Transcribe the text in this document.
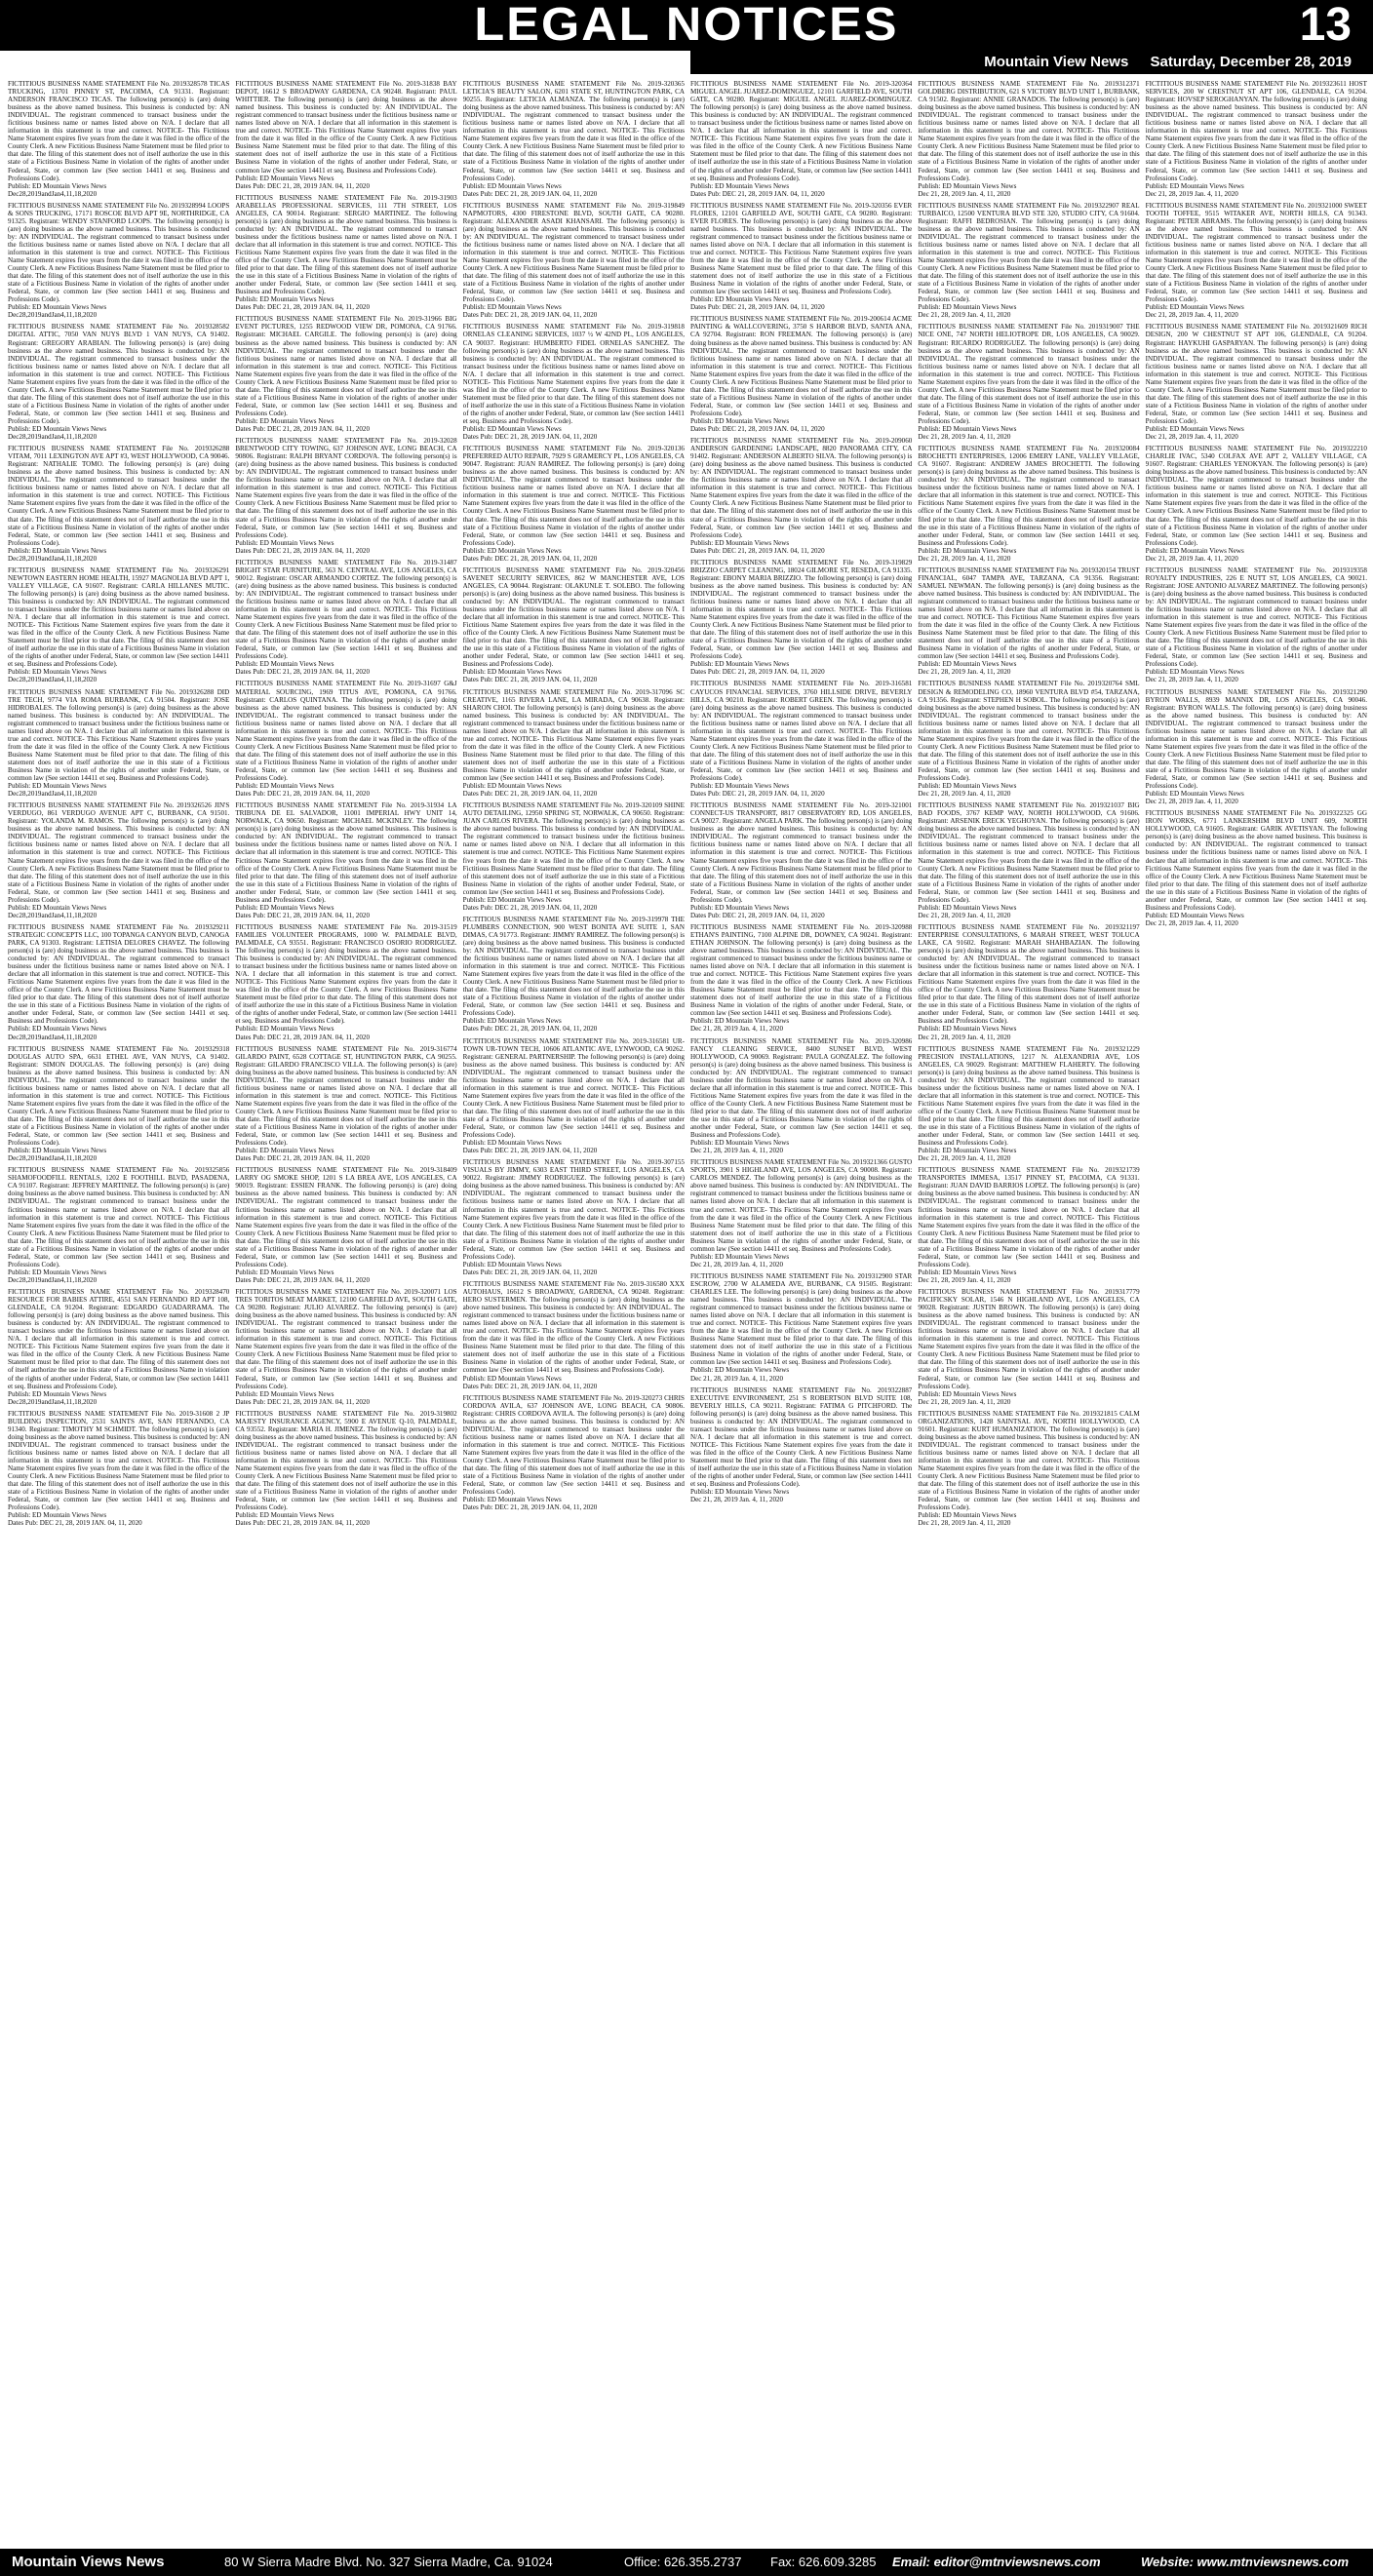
LEGAL NOTICES	13
Mountain View News Saturday, December 28, 2019

FICTITIOUS BUSINESS NAME STATEMENT File No. 2019328578 TICAS TRUCKING, 13701 PINNEY ST, PACOIMA, CA 91331. Registrant: ANDERSON FRANCISCO TICAS. The following person(s) is (are) doing business as the above named business. This business is conducted by: AN INDIVIDUAL. The registrant commenced to transact business under the fictitious business name or names listed above on N/A. I declare that all information in this statement is true and correct. NOTICE- This Fictitious Name Statement expires five years from the date it was filed in the office of the County Clerk. A new Fictitious Business Name Statement must be filed prior to that date. The filing of this statement does not of itself authorize the use in this state of a Fictitious Business Name in violation of the rights of another under Federal, State, or common law (See section 14411 et seq. Business and Professions Code).
Publish: ED Mountain Views News
Dec28,2019andJan4,11,18,2020

FICTITIOUS BUSINESS NAME STATEMENT File No. 2019328994 LOOPS & SONS TRUCKING, 17171 ROSCOE BLVD APT 9E, NORTHRIDGE, CA 91325. Registrant: WENDY STANFORD LOOPS. The following person(s) is (are) doing business as the above named business. This business is conducted by: AN INDIVIDUAL. The registrant commenced to transact business under the fictitious business name or names listed above on N/A. I declare that all information in this statement is true and correct. NOTICE- This Fictitious Name Statement expires five years from the date it was filed in the office of the County Clerk. A new Fictitious Business Name Statement must be filed prior to that date. The filing of this statement does not of itself authorize the use in this state of a Fictitious Business Name in violation of the rights of another under Federal, State, or common law (See section 14411 et seq. Business and Professions Code).
Publish: ED Mountain Views News
Dec28,2019andJan4,11,18,2020

FICTITIOUS BUSINESS NAME STATEMENT File No. 2019328582 DIGITAL ATTIC, 7050 VAN NUYS BLVD 1 VAN NUYS, CA 91402. Registrant: GREGORY ARABIAN. The following person(s) is (are) doing business as the above named business. This business is conducted by: AN INDIVIDUAL. The registrant commenced to transact business under the fictitious business name or names listed above on N/A. I declare that all information in this statement is true and correct. NOTICE- This Fictitious Name Statement expires five years from the date it was filed in the office of the County Clerk. A new Fictitious Business Name Statement must be filed prior to that date. The filing of this statement does not of itself authorize the use in this state of a Fictitious Business Name in violation of the rights of another under Federal, State, or common law (See section 14411 et seq. Business and Professions Code).
Publish: ED Mountain Views News
Dec28,2019andJan4,11,18,2020

FICTITIOUS BUSINESS NAME STATEMENT File No. 2019326288 VITAM, 7011 LEXINGTON AVE APT #3, WEST HOLLYWOOD, CA 90046. Registrant: NATHALIE TOMO. The following person(s) is (are) doing business as the above named business. This business is conducted by: AN INDIVIDUAL. The registrant commenced to transact business under the fictitious business name or names listed above on N/A. I declare that all information in this statement is true and correct. NOTICE- This Fictitious Name Statement expires five years from the date it was filed in the office of the County Clerk. A new Fictitious Business Name Statement must be filed prior to that date. The filing of this statement does not of itself authorize the use in this state of a Fictitious Business Name in violation of the rights of another under Federal, State, or common law (See section 14411 et seq. Business and Professions Code).
Publish: ED Mountain Views News
Dec28,2019andJan4,11,18,2020

FICTITIOUS BUSINESS NAME STATEMENT File No. 2019326291 NEWTOWN EASTERN HOME HEALTH, 15927 MAGNOLIA BLVD APT 1, VALLEY VILLAGE, CA 91607. Registrant: CARLA HILLANES MUTIC. The following person(s) is (are) doing business as the above named business. This business is conducted by: AN INDIVIDUAL. The registrant commenced to transact business under the fictitious business name or names listed above on N/A. I declare that all information in this statement is true and correct. NOTICE- This Fictitious Name Statement expires five years from the date it was filed in the office of the County Clerk. A new Fictitious Business Name Statement must be filed prior to that date. The filing of this statement does not of itself authorize the use in this state of a Fictitious Business Name in violation of the rights of another under Federal, State, or common law (See section 14411 et seq. Business and Professions Code).
Publish: ED Mountain Views News
Dec28,2019andJan4,11,18,2020

FICTITIOUS BUSINESS NAME STATEMENT File No. 2019326288 DID TRE TECH, 9774 VIA ROMA BURBANK, CA 91504. Registrant: JOSE HIDROBALES. The following person(s) is (are) doing business as the above named business. This business is conducted by: AN INDIVIDUAL. The registrant commenced to transact business under the fictitious business name or names listed above on N/A. I declare that all information in this statement is true and correct. NOTICE- This Fictitious Name Statement expires five years from the date it was filed in the office of the County Clerk. A new Fictitious Business Name Statement must be filed prior to that date. The filing of this statement does not of itself authorize the use in this state of a Fictitious Business Name in violation of the rights of another under Federal, State, or common law (See section 14411 et seq. Business and Professions Code).
Publish: ED Mountain Views News
Dec28,2019andJan4,11,18,2020

FICTITIOUS BUSINESS NAME STATEMENT File No. 2019326526 JIN'S VERDUGO, 861 VERDUGO AVENUE APT C, BURBANK, CA 91501. Registrant: YOLANDA M. RAMOS. The following person(s) is (are) doing business as the above named business. This business is conducted by: AN INDIVIDUAL. The registrant commenced to transact business under the fictitious business name or names listed above on N/A. I declare that all information in this statement is true and correct. NOTICE- This Fictitious Name Statement expires five years from the date it was filed in the office of the County Clerk. A new Fictitious Business Name Statement must be filed prior to that date. The filing of this statement does not of itself authorize the use in this state of a Fictitious Business Name in violation of the rights of another under Federal, State, or common law (See section 14411 et seq. Business and Professions Code).
Publish: ED Mountain Views News
Dec28,2019andJan4,11,18,2020

FICTITIOUS BUSINESS NAME STATEMENT File No. 2019329211 STRATEGIC CONCEPTS LLC, 100 TOPANGA CANYON BLVD, CANOGA PARK, CA 91303. Registrant: LETISIA DELORES CHAVEZ. The following person(s) is (are) doing business as the above named business. This business is conducted by: AN INDIVIDUAL. The registrant commenced to transact business under the fictitious business name or names listed above on N/A. I declare that all information in this statement is true and correct. NOTICE- This Fictitious Name Statement expires five years from the date it was filed in the office of the County Clerk. A new Fictitious Business Name Statement must be filed prior to that date. The filing of this statement does not of itself authorize the use in this state of a Fictitious Business Name in violation of the rights of another under Federal, State, or common law (See section 14411 et seq. Business and Professions Code).
Publish: ED Mountain Views News
Dec28,2019andJan4,11,18,2020

FICTITIOUS BUSINESS NAME STATEMENT File No. 2019329318 DOUGLAS AUTO SPA, 6631 ETHEL AVE, VAN NUYS, CA 91402. Registrant: SIMON DOUGLAS. The following person(s) is (are) doing business as the above named business. This business is conducted by: AN INDIVIDUAL. The registrant commenced to transact business under the fictitious business name or names listed above on N/A. I declare that all information in this statement is true and correct. NOTICE- This Fictitious Name Statement expires five years from the date it was filed in the office of the County Clerk. A new Fictitious Business Name Statement must be filed prior to that date. The filing of this statement does not of itself authorize the use in this state of a Fictitious Business Name in violation of the rights of another under Federal, State, or common law (See section 14411 et seq. Business and Professions Code).
Publish: ED Mountain Views News
Dec28,2019andJan4,11,18,2020

FICTITIOUS BUSINESS NAME STATEMENT File No. 2019325856 SHAMOFOODFILL RENTALS, 1202 E FOOTHILL BLVD, PASADENA, CA 91107. Registrant: JEFFREY MARTINEZ. The following person(s) is (are) doing business as the above named business. This business is conducted by: AN INDIVIDUAL. The registrant commenced to transact business under the fictitious business name or names listed above on N/A. I declare that all information in this statement is true and correct. NOTICE- This Fictitious Name Statement expires five years from the date it was filed in the office of the County Clerk. A new Fictitious Business Name Statement must be filed prior to that date. The filing of this statement does not of itself authorize the use in this state of a Fictitious Business Name in violation of the rights of another under Federal, State, or common law (See section 14411 et seq. Business and Professions Code).
Publish: ED Mountain Views News
Dec28,2019andJan4,11,18,2020

FICTITIOUS BUSINESS NAME STATEMENT File No. 2019328470 RESOURCE FOR BABIES ATTIRE, 4551 SAN FERNANDO RD APT 108, GLENDALE, CA 91204. Registrant: EDGARDO GUADARRAMA. The following person(s) is (are) doing business as the above named business. This business is conducted by: AN INDIVIDUAL. The registrant commenced to transact business under the fictitious business name or names listed above on N/A. I declare that all information in this statement is true and correct. NOTICE- This Fictitious Name Statement expires five years from the date it was filed in the office of the County Clerk. A new Fictitious Business Name Statement must be filed prior to that date. The filing of this statement does not of itself authorize the use in this state of a Fictitious Business Name in violation of the rights of another under Federal, State, or common law (See section 14411 et seq. Business and Professions Code).
Publish: ED Mountain Views News
Dec28,2019andJan4,11,18,2020

FICTITIOUS BUSINESS NAME STATEMENT File No. 2019-31608 2 JP BUILDING INSPECTION, 2531 SAINTS AVE, SAN FERNANDO, CA 91340. Registrant: TIMOTHY M SCHMIDT. The following person(s) is (are) doing business as the above named business. This business is conducted by: AN INDIVIDUAL. The registrant commenced to transact business under the fictitious business name or names listed above on N/A. I declare that all information in this statement is true and correct. NOTICE- This Fictitious Name Statement expires five years from the date it was filed in the office of the County Clerk. A new Fictitious Business Name Statement must be filed prior to that date. The filing of this statement does not of itself authorize the use in this state of a Fictitious Business Name in violation of the rights of another under Federal, State, or common law (See section 14411 et seq. Business and Professions Code).
Publish: ED Mountain Views News
Dates Pub: DEC 21, 28, 2019 JAN. 04, 11, 2020

FICTITIOUS BUSINESS NAME STATEMENT File No. 2019-31838 BAY DEPOT, 16612 S BROADWAY GARDENA, CA 90248. Registrant: PAUL WHITTIER. The following person(s) is (are) doing business as the above named business. This business is conducted by: AN INDIVIDUAL. The registrant commenced to transact business under the fictitious business name or names listed above on N/A. I declare that all information in this statement is true and correct. NOTICE- This Fictitious Name Statement expires five years from the date it was filed in the office of the County Clerk. A new Fictitious Business Name Statement must be filed prior to that date. The filing of this statement does not of itself authorize the use in this state of a Fictitious Business Name in violation of the rights of another under Federal, State, or common law (See section 14411 et seq. Business and Professions Code).
Publish: ED Mountain Views News
Dates Pub: DEC 21, 28, 2019 JAN. 04, 11, 2020

FICTITIOUS BUSINESS NAME STATEMENT File No. 2019-31903 ARABELLAS PROFESSIONAL SERVICES, 111 7TH STREET, LOS ANGELES, CA 90014. Registrant: SERGIO MARTINEZ. The following person(s) is (are) doing business as the above named business. This business is conducted by: AN INDIVIDUAL. The registrant commenced to transact business under the fictitious business name or names listed above on N/A. I declare that all information in this statement is true and correct. NOTICE- This Fictitious Name Statement expires five years from the date it was filed in the office of the County Clerk. A new Fictitious Business Name Statement must be filed prior to that date. The filing of this statement does not of itself authorize the use in this state of a Fictitious Business Name in violation of the rights of another under Federal, State, or common law (See section 14411 et seq. Business and Professions Code).
Publish: ED Mountain Views News
Dates Pub: DEC 21, 28, 2019 JAN. 04, 11, 2020

FICTITIOUS BUSINESS NAME STATEMENT File No. 2019-31966 BIG EVENT PICTURES, 1255 REDWOOD VIEW DR, POMONA, CA 91766. Registrant: MICHAEL CARGILE. The following person(s) is (are) doing business as the above named business. This business is conducted by: AN INDIVIDUAL. The registrant commenced to transact business under the fictitious business name or names listed above on N/A. I declare that all information in this statement is true and correct. NOTICE- This Fictitious Name Statement expires five years from the date it was filed in the office of the County Clerk. A new Fictitious Business Name Statement must be filed prior to that date. The filing of this statement does not of itself authorize the use in this state of a Fictitious Business Name in violation of the rights of another under Federal, State, or common law (See section 14411 et seq. Business and Professions Code).
Publish: ED Mountain Views News
Dates Pub: DEC 21, 28, 2019 JAN. 04, 11, 2020

FICTITIOUS BUSINESS NAME STATEMENT File No. 2019-32028 BRENTWOOD CITY TOWING, 637 JOHNSON AVE, LONG BEACH, CA 90806. Registrant: RALPH BRYANT CORDOVA. The following person(s) is (are) doing business as the above named business. This business is conducted by: AN INDIVIDUAL. The registrant commenced to transact business under the fictitious business name or names listed above on N/A. I declare that all information in this statement is true and correct. NOTICE- This Fictitious Name Statement expires five years from the date it was filed in the office of the County Clerk. A new Fictitious Business Name Statement must be filed prior to that date. The filing of this statement does not of itself authorize the use in this state of a Fictitious Business Name in violation of the rights of another under Federal, State, or common law (See section 14411 et seq. Business and Professions Code).
Publish: ED Mountain Views News
Dates Pub: DEC 21, 28, 2019 JAN. 04, 11, 2020

FICTITIOUS BUSINESS NAME STATEMENT File No. 2019-31487 BRIGHT STAR FURNITURE, 563 N. CENTRAL AVE, LOS ANGELES, CA 90012. Registrant: OSCAR ARMANDO CORTEZ. The following person(s) is (are) doing business as the above named business. This business is conducted by: AN INDIVIDUAL. The registrant commenced to transact business under the fictitious business name or names listed above on N/A. I declare that all information in this statement is true and correct. NOTICE- This Fictitious Name Statement expires five years from the date it was filed in the office of the County Clerk. A new Fictitious Business Name Statement must be filed prior to that date. The filing of this statement does not of itself authorize the use in this state of a Fictitious Business Name in violation of the rights of another under Federal, State, or common law (See section 14411 et seq. Business and Professions Code).
Publish: ED Mountain Views News
Dates Pub: DEC 21, 28, 2019 JAN. 04, 11, 2020

FICTITIOUS BUSINESS NAME STATEMENT File No. 2019-31697 G&J MATERIAL SOURCING, 1969 TITUS AVE, POMONA, CA 91766. Registrant: CARLOS QUINTANA. The following person(s) is (are) doing business as the above named business. This business is conducted by: AN INDIVIDUAL. The registrant commenced to transact business under the fictitious business name or names listed above on N/A. I declare that all information in this statement is true and correct. NOTICE- This Fictitious Name Statement expires five years from the date it was filed in the office of the County Clerk. A new Fictitious Business Name Statement must be filed prior to that date. The filing of this statement does not of itself authorize the use in this state of a Fictitious Business Name in violation of the rights of another under Federal, State, or common law (See section 14411 et seq. Business and Professions Code).
Publish: ED Mountain Views News
Dates Pub: DEC 21, 28, 2019 JAN. 04, 11, 2020

FICTITIOUS BUSINESS NAME STATEMENT File No. 2019-31934 LA TRIBUNA DE EL SALVADOR, 11001 IMPERIAL HWY UNIT 14, NORWALK, CA 90650. Registrant: MICHAEL MCKINLEY. The following person(s) is (are) doing business as the above named business. This business is conducted by: AN INDIVIDUAL. The registrant commenced to transact business under the fictitious business name or names listed above on N/A. I declare that all information in this statement is true and correct. NOTICE- This Fictitious Name Statement expires five years from the date it was filed in the office of the County Clerk. A new Fictitious Business Name Statement must be filed prior to that date. The filing of this statement does not of itself authorize the use in this state of a Fictitious Business Name in violation of the rights of another under Federal, State, or common law (See section 14411 et seq. Business and Professions Code).
Publish: ED Mountain Views News
Dates Pub: DEC 21, 28, 2019 JAN. 04, 11, 2020

FICTITIOUS BUSINESS NAME STATEMENT File No. 2019-31519 FAMILIES VOLUNTEER PROGRAMS, 1000 W. PALMDALE BLVD, PALMDALE, CA 93551. Registrant: FRANCISCO OSORIO RODRIGUEZ. The following person(s) is (are) doing business as the above named business. This business is conducted by: AN INDIVIDUAL. The registrant commenced to transact business under the fictitious business name or names listed above on N/A. I declare that all information in this statement is true and correct. NOTICE- This Fictitious Name Statement expires five years from the date it was filed in the office of the County Clerk. A new Fictitious Business Name Statement must be filed prior to that date. The filing of this statement does not of itself authorize the use in this state of a Fictitious Business Name in violation of the rights of another under Federal, State, or common law (See section 14411 et seq. Business and Professions Code).
Publish: ED Mountain Views News
Dates Pub: DEC 21, 28, 2019 JAN. 04, 11, 2020

FICTITIOUS BUSINESS NAME STATEMENT File No. 2019-316774 GILARDO PAINT, 6528 COTTAGE ST, HUNTINGTON PARK, CA 90255. Registrant: GILARDO FRANCISCO VILLA. The following person(s) is (are) doing business as the above named business. This business is conducted by: AN INDIVIDUAL. The registrant commenced to transact business under the fictitious business name or names listed above on N/A. I declare that all information in this statement is true and correct. NOTICE- This Fictitious Name Statement expires five years from the date it was filed in the office of the County Clerk. A new Fictitious Business Name Statement must be filed prior to that date. The filing of this statement does not of itself authorize the use in this state of a Fictitious Business Name in violation of the rights of another under Federal, State, or common law (See section 14411 et seq. Business and Professions Code).
Publish: ED Mountain Views News
Dates Pub: DEC 21, 28, 2019 JAN. 04, 11, 2020

FICTITIOUS BUSINESS NAME STATEMENT File No. 2019-318409 LARRY OG SMOKE SHOP, 1201 S LA BREA AVE, LOS ANGELES, CA 90019. Registrant: ESSIEN FRANK. The following person(s) is (are) doing business as the above named business. This business is conducted by: AN INDIVIDUAL. The registrant commenced to transact business under the fictitious business name or names listed above on N/A. I declare that all information in this statement is true and correct. NOTICE- This Fictitious Name Statement expires five years from the date it was filed in the office of the County Clerk. A new Fictitious Business Name Statement must be filed prior to that date. The filing of this statement does not of itself authorize the use in this state of a Fictitious Business Name in violation of the rights of another under Federal, State, or common law (See section 14411 et seq. Business and Professions Code).
Publish: ED Mountain Views News
Dates Pub: DEC 21, 28, 2019 JAN. 04, 11, 2020

FICTITIOUS BUSINESS NAME STATEMENT File No. 2019-320071 LOS TRES TORITOS MEAT MARKET, 12100 GARFIELD AVE, SOUTH GATE, CA 90280. Registrant: JULIO ALVAREZ. The following person(s) is (are) doing business as the above named business. This business is conducted by: AN INDIVIDUAL. The registrant commenced to transact business under the fictitious business name or names listed above on N/A. I declare that all information in this statement is true and correct. NOTICE- This Fictitious Name Statement expires five years from the date it was filed in the office of the County Clerk. A new Fictitious Business Name Statement must be filed prior to that date. The filing of this statement does not of itself authorize the use in this state of a Fictitious Business Name in violation of the rights of another under Federal, State, or common law (See section 14411 et seq. Business and Professions Code).
Publish: ED Mountain Views News
Dates Pub: DEC 21, 28, 2019 JAN. 04, 11, 2020

FICTITIOUS BUSINESS NAME STATEMENT File No. 2019-319802 MAJESTY INSURANCE AGENCY, 5900 E AVENUE Q-10, PALMDALE, CA 93552. Registrant: MARIA H. JIMENEZ. The following person(s) is (are) doing business as the above named business. This business is conducted by: AN INDIVIDUAL. The registrant commenced to transact business under the fictitious business name or names listed above on N/A. I declare that all information in this statement is true and correct. NOTICE- This Fictitious Name Statement expires five years from the date it was filed in the office of the County Clerk. A new Fictitious Business Name Statement must be filed prior to that date. The filing of this statement does not of itself authorize the use in this state of a Fictitious Business Name in violation of the rights of another under Federal, State, or common law (See section 14411 et seq. Business and Professions Code).
Publish: ED Mountain Views News
Dates Pub: DEC 21, 28, 2019 JAN. 04, 11, 2020

FICTITIOUS BUSINESS NAME STATEMENT File No. 2019-320365 LETICIA'S BEAUTY SALON, 6201 STATE ST, HUNTINGTON PARK, CA 90255. Registrant: LETICIA ALMANZA. The following person(s) is (are) doing business as the above named business. This business is conducted by: AN INDIVIDUAL. The registrant commenced to transact business under the fictitious business name or names listed above on N/A. I declare that all information in this statement is true and correct. NOTICE- This Fictitious Name Statement expires five years from the date it was filed in the office of the County Clerk. A new Fictitious Business Name Statement must be filed prior to that date. The filing of this statement does not of itself authorize the use in this state of a Fictitious Business Name in violation of the rights of another under Federal, State, or common law (See section 14411 et seq. Business and Professions Code).
Publish: ED Mountain Views News
Dates Pub: DEC 21, 28, 2019 JAN. 04, 11, 2020

FICTITIOUS BUSINESS NAME STATEMENT File No. 2019-319849 NAPMOTORS, 4300 FIRESTONE BLVD, SOUTH GATE, CA 90280. Registrant: ALEXANDER ASADI KHANSARI. The following person(s) is (are) doing business as the above named business. This business is conducted by: AN INDIVIDUAL. The registrant commenced to transact business under the fictitious business name or names listed above on N/A. I declare that all information in this statement is true and correct. NOTICE- This Fictitious Name Statement expires five years from the date it was filed in the office of the County Clerk. A new Fictitious Business Name Statement must be filed prior to that date. The filing of this statement does not of itself authorize the use in this state of a Fictitious Business Name in violation of the rights of another under Federal, State, or common law (See section 14411 et seq. Business and Professions Code).
Publish: ED Mountain Views News
Dates Pub: DEC 21, 28, 2019 JAN. 04, 11, 2020

FICTITIOUS BUSINESS NAME STATEMENT File No. 2019-319818 ORNELAS CLEANING SERVICES, 1037 ½ W 42ND PL, LOS ANGELES, CA 90037. Registrant: HUMBERTO FIDEL ORNELAS SANCHEZ. The following person(s) is (are) doing business as the above named business. This business is conducted by: AN INDIVIDUAL. The registrant commenced to transact business under the fictitious business name or names listed above on N/A. I declare that all information in this statement is true and correct. NOTICE- This Fictitious Name Statement expires five years from the date it was filed in the office of the County Clerk. A new Fictitious Business Name Statement must be filed prior to that date. The filing of this statement does not of itself authorize the use in this state of a Fictitious Business Name in violation of the rights of another under Federal, State, or common law (See section 14411 et seq. Business and Professions Code).
Publish: ED Mountain Views News
Dates Pub: DEC 21, 28, 2019 JAN. 04, 11, 2020

FICTITIOUS BUSINESS NAME STATEMENT File No. 2019-320136 PREFERRED AUTO REPAIR, 7929 S GRAMERCY PL, LOS ANGELES, CA 90047. Registrant: JUAN RAMIREZ. The following person(s) is (are) doing business as the above named business. This business is conducted by: AN INDIVIDUAL. The registrant commenced to transact business under the fictitious business name or names listed above on N/A. I declare that all information in this statement is true and correct. NOTICE- This Fictitious Name Statement expires five years from the date it was filed in the office of the County Clerk. A new Fictitious Business Name Statement must be filed prior to that date. The filing of this statement does not of itself authorize the use in this state of a Fictitious Business Name in violation of the rights of another under Federal, State, or common law (See section 14411 et seq. Business and Professions Code).
Publish: ED Mountain Views News
Dates Pub: DEC 21, 28, 2019 JAN. 04, 11, 2020

FICTITIOUS BUSINESS NAME STATEMENT File No. 2019-320456 SAVENET SECURITY SERVICES, 862 W MANCHESTER AVE, LOS ANGELES, CA 90044. Registrant: OLAKUNLE T. SOLEBO. The following person(s) is (are) doing business as the above named business. This business is conducted by: AN INDIVIDUAL. The registrant commenced to transact business under the fictitious business name or names listed above on N/A. I declare that all information in this statement is true and correct. NOTICE- This Fictitious Name Statement expires five years from the date it was filed in the office of the County Clerk. A new Fictitious Business Name Statement must be filed prior to that date. The filing of this statement does not of itself authorize the use in this state of a Fictitious Business Name in violation of the rights of another under Federal, State, or common law (See section 14411 et seq. Business and Professions Code).
Publish: ED Mountain Views News
Dates Pub: DEC 21, 28, 2019 JAN. 04, 11, 2020

FICTITIOUS BUSINESS NAME STATEMENT File No. 2019-317096 SC CREATIVE, 1165 RIVERA LANE, LA MIRADA, CA 90638. Registrant: SHARON CHOI. The following person(s) is (are) doing business as the above named business. This business is conducted by: AN INDIVIDUAL. The registrant commenced to transact business under the fictitious business name or names listed above on N/A. I declare that all information in this statement is true and correct. NOTICE- This Fictitious Name Statement expires five years from the date it was filed in the office of the County Clerk. A new Fictitious Business Name Statement must be filed prior to that date. The filing of this statement does not of itself authorize the use in this state of a Fictitious Business Name in violation of the rights of another under Federal, State, or common law (See section 14411 et seq. Business and Professions Code).
Publish: ED Mountain Views News
Dates Pub: DEC 21, 28, 2019 JAN. 04, 11, 2020

FICTITIOUS BUSINESS NAME STATEMENT File No. 2019-320109 SHINE AUTO DETAILING, 12950 SPRING ST, NORWALK, CA 90650. Registrant: JUAN CARLOS RIVERA. The following person(s) is (are) doing business as the above named business. This business is conducted by: AN INDIVIDUAL. The registrant commenced to transact business under the fictitious business name or names listed above on N/A. I declare that all information in this statement is true and correct. NOTICE- This Fictitious Name Statement expires five years from the date it was filed in the office of the County Clerk. A new Fictitious Business Name Statement must be filed prior to that date. The filing of this statement does not of itself authorize the use in this state of a Fictitious Business Name in violation of the rights of another under Federal, State, or common law (See section 14411 et seq. Business and Professions Code).
Publish: ED Mountain Views News
Dates Pub: DEC 21, 28, 2019 JAN. 04, 11, 2020

FICTITIOUS BUSINESS NAME STATEMENT File No. 2019-319978 THE PLUMBERS CONNECTION, 900 WEST BONITA AVE SUITE 1, SAN DIMAS, CA 91773. Registrant: JIMMY RAMIREZ. The following person(s) is (are) doing business as the above named business. This business is conducted by: AN INDIVIDUAL. The registrant commenced to transact business under the fictitious business name or names listed above on N/A. I declare that all information in this statement is true and correct. NOTICE- This Fictitious Name Statement expires five years from the date it was filed in the office of the County Clerk. A new Fictitious Business Name Statement must be filed prior to that date. The filing of this statement does not of itself authorize the use in this state of a Fictitious Business Name in violation of the rights of another under Federal, State, or common law (See section 14411 et seq. Business and Professions Code).
Publish: ED Mountain Views News
Dates Pub: DEC 21, 28, 2019 JAN. 04, 11, 2020

FICTITIOUS BUSINESS NAME STATEMENT File No. 2019-316581 UR-TOWN UR-TOWN TECH, 10606 ATLANTIC AVE, LYNWOOD, CA 90262. Registrant: GENERAL PARTNERSHIP. The following person(s) is (are) doing business as the above named business. This business is conducted by: AN INDIVIDUAL. The registrant commenced to transact business under the fictitious business name or names listed above on N/A. I declare that all information in this statement is true and correct. NOTICE- This Fictitious Name Statement expires five years from the date it was filed in the office of the County Clerk. A new Fictitious Business Name Statement must be filed prior to that date. The filing of this statement does not of itself authorize the use in this state of a Fictitious Business Name in violation of the rights of another under Federal, State, or common law (See section 14411 et seq. Business and Professions Code).
Publish: ED Mountain Views News
Dates Pub: DEC 21, 28, 2019 JAN. 04, 11, 2020

FICTITIOUS BUSINESS NAME STATEMENT File No. 2019-307155 VISUALS BY JIMMY, 6303 EAST THIRD STREET, LOS ANGELES, CA 90022. Registrant: JIMMY RODRIGUEZ. The following person(s) is (are) doing business as the above named business. This business is conducted by: AN INDIVIDUAL. The registrant commenced to transact business under the fictitious business name or names listed above on N/A. I declare that all information in this statement is true and correct. NOTICE- This Fictitious Name Statement expires five years from the date it was filed in the office of the County Clerk. A new Fictitious Business Name Statement must be filed prior to that date. The filing of this statement does not of itself authorize the use in this state of a Fictitious Business Name in violation of the rights of another under Federal, State, or common law (See section 14411 et seq. Business and Professions Code).
Publish: ED Mountain Views News
Dates Pub: DEC 21, 28, 2019 JAN. 04, 11, 2020

FICTITIOUS BUSINESS NAME STATEMENT File No. 2019-316580 XXX AUTOHAUS, 16612 S BROADWAY, GARDENA, CA 90248. Registrant: HERO SUSTERMEN. The following person(s) is (are) doing business as the above named business. This business is conducted by: AN INDIVIDUAL. The registrant commenced to transact business under the fictitious business name or names listed above on N/A. I declare that all information in this statement is true and correct. NOTICE- This Fictitious Name Statement expires five years from the date it was filed in the office of the County Clerk. A new Fictitious Business Name Statement must be filed prior to that date. The filing of this statement does not of itself authorize the use in this state of a Fictitious Business Name in violation of the rights of another under Federal, State, or common law (See section 14411 et seq. Business and Professions Code).
Publish: ED Mountain Views News
Dates Pub: DEC 21, 28, 2019 JAN. 04, 11, 2020

FICTITIOUS BUSINESS NAME STATEMENT File No. 2019-320273 CHRIS CORDOVA AVILA, 637 JOHNSON AVE, LONG BEACH, CA 90806. Registrant: CHRIS CORDOVA AVILA. The following person(s) is (are) doing business as the above named business. This business is conducted by: AN INDIVIDUAL. The registrant commenced to transact business under the fictitious business name or names listed above on N/A. I declare that all information in this statement is true and correct. NOTICE- This Fictitious Name Statement expires five years from the date it was filed in the office of the County Clerk. A new Fictitious Business Name Statement must be filed prior to that date. The filing of this statement does not of itself authorize the use in this state of a Fictitious Business Name in violation of the rights of another under Federal, State, or common law (See section 14411 et seq. Business and Professions Code).
Publish: ED Mountain Views News
Dates Pub: DEC 21, 28, 2019 JAN. 04, 11, 2020

FICTITIOUS BUSINESS NAME STATEMENT File No. 2019-320364 MIGUEL ANGEL JUAREZ-DOMINGUEZ, 12101 GARFIELD AVE, SOUTH GATE, CA 90280. Registrant: MIGUEL ANGEL JUAREZ-DOMINGUEZ. The following person(s) is (are) doing business as the above named business. This business is conducted by: AN INDIVIDUAL. The registrant commenced to transact business under the fictitious business name or names listed above on N/A. I declare that all information in this statement is true and correct. NOTICE- This Fictitious Name Statement expires five years from the date it was filed in the office of the County Clerk. A new Fictitious Business Name Statement must be filed prior to that date. The filing of this statement does not of itself authorize the use in this state of a Fictitious Business Name in violation of the rights of another under Federal, State, or common law (See section 14411 et seq. Business and Professions Code).
Publish: ED Mountain Views News
Dates Pub: DEC 21, 28, 2019 JAN. 04, 11, 2020

FICTITIOUS BUSINESS NAME STATEMENT File No. 2019-320356 EVER FLORES, 12101 GARFIELD AVE, SOUTH GATE, CA 90280. Registrant: EVER FLORES. The following person(s) is (are) doing business as the above named business. This business is conducted by: AN INDIVIDUAL. The registrant commenced to transact business under the fictitious business name or names listed above on N/A. I declare that all information in this statement is true and correct. NOTICE- This Fictitious Name Statement expires five years from the date it was filed in the office of the County Clerk. A new Fictitious Business Name Statement must be filed prior to that date. The filing of this statement does not of itself authorize the use in this state of a Fictitious Business Name in violation of the rights of another under Federal, State, or common law (See section 14411 et seq. Business and Professions Code).
Publish: ED Mountain Views News
Dates Pub: DEC 21, 28, 2019 JAN. 04, 11, 2020

FICTITIOUS BUSINESS NAME STATEMENT File No. 2019-200614 ACME PAINTING & WALLCOVERING, 3750 S HARBOR BLVD, SANTA ANA, CA 92704. Registrant: RON FREEMAN. The following person(s) is (are) doing business as the above named business. This business is conducted by: AN INDIVIDUAL. The registrant commenced to transact business under the fictitious business name or names listed above on N/A. I declare that all information in this statement is true and correct. NOTICE- This Fictitious Name Statement expires five years from the date it was filed in the office of the County Clerk. A new Fictitious Business Name Statement must be filed prior to that date. The filing of this statement does not of itself authorize the use in this state of a Fictitious Business Name in violation of the rights of another under Federal, State, or common law (See section 14411 et seq. Business and Professions Code).
Publish: ED Mountain Views News
Dates Pub: DEC 21, 28, 2019 JAN. 04, 11, 2020

FICTITIOUS BUSINESS NAME STATEMENT File No. 2019-209060 ANDERSON GARDENING LANDSCAPE, 8820 PANORAMA CITY, CA 91402. Registrant: ANDERSON ALBERTO SILVA. The following person(s) is (are) doing business as the above named business. This business is conducted by: AN INDIVIDUAL. The registrant commenced to transact business under the fictitious business name or names listed above on N/A. I declare that all information in this statement is true and correct. NOTICE- This Fictitious Name Statement expires five years from the date it was filed in the office of the County Clerk. A new Fictitious Business Name Statement must be filed prior to that date. The filing of this statement does not of itself authorize the use in this state of a Fictitious Business Name in violation of the rights of another under Federal, State, or common law (See section 14411 et seq. Business and Professions Code).
Publish: ED Mountain Views News
Dates Pub: DEC 21, 28, 2019 JAN. 04, 11, 2020

FICTITIOUS BUSINESS NAME STATEMENT File No. 2019-319829 BRIZZIO CARPET CLEANING, 18024 GILMORE ST, RESEDA, CA 91335. Registrant: EBONY MARIA BRIZZIO. The following person(s) is (are) doing business as the above named business. This business is conducted by: AN INDIVIDUAL. The registrant commenced to transact business under the fictitious business name or names listed above on N/A. I declare that all information in this statement is true and correct. NOTICE- This Fictitious Name Statement expires five years from the date it was filed in the office of the County Clerk. A new Fictitious Business Name Statement must be filed prior to that date. The filing of this statement does not of itself authorize the use in this state of a Fictitious Business Name in violation of the rights of another under Federal, State, or common law (See section 14411 et seq. Business and Professions Code).
Publish: ED Mountain Views News
Dates Pub: DEC 21, 28, 2019 JAN. 04, 11, 2020

FICTITIOUS BUSINESS NAME STATEMENT File No. 2019-316581 CAYUCOS FINANCIAL SERVICES, 3760 HILLSIDE DRIVE, BEVERLY HILLS, CA 90210. Registrant: ROBERT GREEN. The following person(s) is (are) doing business as the above named business. This business is conducted by: AN INDIVIDUAL. The registrant commenced to transact business under the fictitious business name or names listed above on N/A. I declare that all information in this statement is true and correct. NOTICE- This Fictitious Name Statement expires five years from the date it was filed in the office of the County Clerk. A new Fictitious Business Name Statement must be filed prior to that date. The filing of this statement does not of itself authorize the use in this state of a Fictitious Business Name in violation of the rights of another under Federal, State, or common law (See section 14411 et seq. Business and Professions Code).
Publish: ED Mountain Views News
Dates Pub: DEC 21, 28, 2019 JAN. 04, 11, 2020

FICTITIOUS BUSINESS NAME STATEMENT File No. 2019-321001 CONNECT-US TRANSPORT, 8817 OBSERVATORY RD, LOS ANGELES, CA 90027. Registrant: ANGELA PARK. The following person(s) is (are) doing business as the above named business. This business is conducted by: AN INDIVIDUAL. The registrant commenced to transact business under the fictitious business name or names listed above on N/A. I declare that all information in this statement is true and correct. NOTICE- This Fictitious Name Statement expires five years from the date it was filed in the office of the County Clerk. A new Fictitious Business Name Statement must be filed prior to that date. The filing of this statement does not of itself authorize the use in this state of a Fictitious Business Name in violation of the rights of another under Federal, State, or common law (See section 14411 et seq. Business and Professions Code).
Publish: ED Mountain Views News
Dates Pub: DEC 21, 28, 2019 JAN. 04, 11, 2020

FICTITIOUS BUSINESS NAME STATEMENT File No. 2019-320988 ETHAN'S PAINTING, 7100 ALPINE DR, DOWNEY, CA 90241. Registrant: ETHAN JOHNSON. The following person(s) is (are) doing business as the above named business. This business is conducted by: AN INDIVIDUAL. The registrant commenced to transact business under the fictitious business name or names listed above on N/A. I declare that all information in this statement is true and correct. NOTICE- This Fictitious Name Statement expires five years from the date it was filed in the office of the County Clerk. A new Fictitious Business Name Statement must be filed prior to that date. The filing of this statement does not of itself authorize the use in this state of a Fictitious Business Name in violation of the rights of another under Federal, State, or common law (See section 14411 et seq. Business and Professions Code).
Publish: ED Mountain Views News
Dec 21, 28, 2019 Jan. 4, 11, 2020

FICTITIOUS BUSINESS NAME STATEMENT File No. 2019-320986 FANCY CLEANING SERVICE, 8400 SUNSET BLVD, WEST HOLLYWOOD, CA 90069. Registrant: PAULA GONZALEZ. The following person(s) is (are) doing business as the above named business. This business is conducted by: AN INDIVIDUAL. The registrant commenced to transact business under the fictitious business name or names listed above on N/A. I declare that all information in this statement is true and correct. NOTICE- This Fictitious Name Statement expires five years from the date it was filed in the office of the County Clerk. A new Fictitious Business Name Statement must be filed prior to that date. The filing of this statement does not of itself authorize the use in this state of a Fictitious Business Name in violation of the rights of another under Federal, State, or common law (See section 14411 et seq. Business and Professions Code).
Publish: ED Mountain Views News
Dec 21, 28, 2019 Jan. 4, 11, 2020

FICTITIOUS BUSINESS NAME STATEMENT File No. 2019321366 GUSTO SPORTS, 3901 S HIGHLAND AVE, LOS ANGELES, CA 90008. Registrant: CARLOS MENDEZ. The following person(s) is (are) doing business as the above named business. This business is conducted by: AN INDIVIDUAL. The registrant commenced to transact business under the fictitious business name or names listed above on N/A. I declare that all information in this statement is true and correct. NOTICE- This Fictitious Name Statement expires five years from the date it was filed in the office of the County Clerk. A new Fictitious Business Name Statement must be filed prior to that date. The filing of this statement does not of itself authorize the use in this state of a Fictitious Business Name in violation of the rights of another under Federal, State, or common law (See section 14411 et seq. Business and Professions Code).
Publish: ED Mountain Views News
Dec 21, 28, 2019 Jan. 4, 11, 2020

FICTITIOUS BUSINESS NAME STATEMENT File No. 2019312900 STAR ESCROW, 2700 W ALAMEDA AVE, BURBANK, CA 91505. Registrant: CHARLES LEE. The following person(s) is (are) doing business as the above named business. This business is conducted by: AN INDIVIDUAL. The registrant commenced to transact business under the fictitious business name or names listed above on N/A. I declare that all information in this statement is true and correct. NOTICE- This Fictitious Name Statement expires five years from the date it was filed in the office of the County Clerk. A new Fictitious Business Name Statement must be filed prior to that date. The filing of this statement does not of itself authorize the use in this state of a Fictitious Business Name in violation of the rights of another under Federal, State, or common law (See section 14411 et seq. Business and Professions Code).
Publish: ED Mountain Views News
Dec 21, 28, 2019 Jan. 4, 11, 2020

FICTITIOUS BUSINESS NAME STATEMENT File No. 2019322887 EXECUTIVE ENVIRONMENT, 251 S ROBERTSON BLVD SUITE 108, BEVERLY HILLS, CA 90211. Registrant: FATIMA G PITCHFORD. The following person(s) is (are) doing business as the above named business. This business is conducted by: AN INDIVIDUAL. The registrant commenced to transact business under the fictitious business name or names listed above on N/A. I declare that all information in this statement is true and correct. NOTICE- This Fictitious Name Statement expires five years from the date it was filed in the office of the County Clerk. A new Fictitious Business Name Statement must be filed prior to that date. The filing of this statement does not of itself authorize the use in this state of a Fictitious Business Name in violation of the rights of another under Federal, State, or common law (See section 14411 et seq. Business and Professions Code).
Publish: ED Mountain Views News
Dec 21, 28, 2019 Jan. 4, 11, 2020

FICTITIOUS BUSINESS NAME STATEMENT File No. 2019312371 GOLDBERG DISTRIBUTION, 621 S VICTORY BLVD UNIT 1, BURBANK, CA 91502. Registrant: ANNIE GRANADOS. The following person(s) is (are) doing business as the above named business. This business is conducted by: AN INDIVIDUAL. The registrant commenced to transact business under the fictitious business name or names listed above on N/A. I declare that all information in this statement is true and correct. NOTICE- This Fictitious Name Statement expires five years from the date it was filed in the office of the County Clerk. A new Fictitious Business Name Statement must be filed prior to that date. The filing of this statement does not of itself authorize the use in this state of a Fictitious Business Name in violation of the rights of another under Federal, State, or common law (See section 14411 et seq. Business and Professions Code).
Publish: ED Mountain Views News
Dec 21, 28, 2019 Jan. 4, 11, 2020

FICTITIOUS BUSINESS NAME STATEMENT File No. 2019322907 REAL TURBAICO, 12500 VENTURA BLVD STE 320, STUDIO CITY, CA 91604. Registrant: RAFFI BEDROSIAN. The following person(s) is (are) doing business as the above named business. This business is conducted by: AN INDIVIDUAL. The registrant commenced to transact business under the fictitious business name or names listed above on N/A. I declare that all information in this statement is true and correct. NOTICE- This Fictitious Name Statement expires five years from the date it was filed in the office of the County Clerk. A new Fictitious Business Name Statement must be filed prior to that date. The filing of this statement does not of itself authorize the use in this state of a Fictitious Business Name in violation of the rights of another under Federal, State, or common law (See section 14411 et seq. Business and Professions Code).
Publish: ED Mountain Views News
Dec 21, 28, 2019 Jan. 4, 11, 2020

FICTITIOUS BUSINESS NAME STATEMENT File No. 2019319007 THE NICE ONE, 747 NORTH HELIOTROPE DR, LOS ANGELES, CA 90029. Registrant: RICARDO RODRIGUEZ. The following person(s) is (are) doing business as the above named business. This business is conducted by: AN INDIVIDUAL. The registrant commenced to transact business under the fictitious business name or names listed above on N/A. I declare that all information in this statement is true and correct. NOTICE- This Fictitious Name Statement expires five years from the date it was filed in the office of the County Clerk. A new Fictitious Business Name Statement must be filed prior to that date. The filing of this statement does not of itself authorize the use in this state of a Fictitious Business Name in violation of the rights of another under Federal, State, or common law (See section 14411 et seq. Business and Professions Code).
Publish: ED Mountain Views News
Dec 21, 28, 2019 Jan. 4, 11, 2020

FICTITIOUS BUSINESS NAME STATEMENT File No. 2019320084 BROCHETTI ENTERPRISES, 12006 EMERY LANE, VALLEY VILLAGE, CA 91607. Registrant: ANDREW JAMES BROCHETTI. The following person(s) is (are) doing business as the above named business. This business is conducted by: AN INDIVIDUAL. The registrant commenced to transact business under the fictitious business name or names listed above on N/A. I declare that all information in this statement is true and correct. NOTICE- This Fictitious Name Statement expires five years from the date it was filed in the office of the County Clerk. A new Fictitious Business Name Statement must be filed prior to that date. The filing of this statement does not of itself authorize the use in this state of a Fictitious Business Name in violation of the rights of another under Federal, State, or common law (See section 14411 et seq. Business and Professions Code).
Publish: ED Mountain Views News
Dec 21, 28, 2019 Jan. 4, 11, 2020

FICTITIOUS BUSINESS NAME STATEMENT File No. 2019320154 TRUST FINANCIAL, 6047 TAMPA AVE, TARZANA, CA 91356. Registrant: SAMUEL NEWMAN. The following person(s) is (are) doing business as the above named business. This business is conducted by: AN INDIVIDUAL. The registrant commenced to transact business under the fictitious business name or names listed above on N/A. I declare that all information in this statement is true and correct. NOTICE- This Fictitious Name Statement expires five years from the date it was filed in the office of the County Clerk. A new Fictitious Business Name Statement must be filed prior to that date. The filing of this statement does not of itself authorize the use in this state of a Fictitious Business Name in violation of the rights of another under Federal, State, or common law (See section 14411 et seq. Business and Professions Code).
Publish: ED Mountain Views News
Dec 21, 28, 2019 Jan. 4, 11, 2020

FICTITIOUS BUSINESS NAME STATEMENT File No. 2019320764 SML DESIGN & REMODELING CO, 18960 VENTURA BLVD #54, TARZANA, CA 91356. Registrant: STEPHEN H SOBOL. The following person(s) is (are) doing business as the above named business. This business is conducted by: AN INDIVIDUAL. The registrant commenced to transact business under the fictitious business name or names listed above on N/A. I declare that all information in this statement is true and correct. NOTICE- This Fictitious Name Statement expires five years from the date it was filed in the office of the County Clerk. A new Fictitious Business Name Statement must be filed prior to that date. The filing of this statement does not of itself authorize the use in this state of a Fictitious Business Name in violation of the rights of another under Federal, State, or common law (See section 14411 et seq. Business and Professions Code).
Publish: ED Mountain Views News
Dec 21, 28, 2019 Jan. 4, 11, 2020

FICTITIOUS BUSINESS NAME STATEMENT File No. 2019321037 BIG BAD FOODS, 3767 KEMP WAY, NORTH HOLLYWOOD, CA 91606. Registrant: ARSENIK ERECK YEGHOYAN. The following person(s) is (are) doing business as the above named business. This business is conducted by: AN INDIVIDUAL. The registrant commenced to transact business under the fictitious business name or names listed above on N/A. I declare that all information in this statement is true and correct. NOTICE- This Fictitious Name Statement expires five years from the date it was filed in the office of the County Clerk. A new Fictitious Business Name Statement must be filed prior to that date. The filing of this statement does not of itself authorize the use in this state of a Fictitious Business Name in violation of the rights of another under Federal, State, or common law (See section 14411 et seq. Business and Professions Code).
Publish: ED Mountain Views News
Dec 21, 28, 2019 Jan. 4, 11, 2020

FICTITIOUS BUSINESS NAME STATEMENT File No. 2019321197 ENTERPRISE CONSULTATIONS, 6 MARAH STREET, WEST TOLUCA LAKE, CA 91602. Registrant: MARAH SHAHBAZIAN. The following person(s) is (are) doing business as the above named business. This business is conducted by: AN INDIVIDUAL. The registrant commenced to transact business under the fictitious business name or names listed above on N/A. I declare that all information in this statement is true and correct. NOTICE- This Fictitious Name Statement expires five years from the date it was filed in the office of the County Clerk. A new Fictitious Business Name Statement must be filed prior to that date. The filing of this statement does not of itself authorize the use in this state of a Fictitious Business Name in violation of the rights of another under Federal, State, or common law (See section 14411 et seq. Business and Professions Code).
Publish: ED Mountain Views News
Dec 21, 28, 2019 Jan. 4, 11, 2020

FICTITIOUS BUSINESS NAME STATEMENT File No. 2019321229 PRECISION INSTALLATIONS, 1217 N. ALEXANDRIA AVE, LOS ANGELES, CA 90029. Registrant: MATTHEW FLAHERTY. The following person(s) is (are) doing business as the above named business. This business is conducted by: AN INDIVIDUAL. The registrant commenced to transact business under the fictitious business name or names listed above on N/A. I declare that all information in this statement is true and correct. NOTICE- This Fictitious Name Statement expires five years from the date it was filed in the office of the County Clerk. A new Fictitious Business Name Statement must be filed prior to that date. The filing of this statement does not of itself authorize the use in this state of a Fictitious Business Name in violation of the rights of another under Federal, State, or common law (See section 14411 et seq. Business and Professions Code).
Publish: ED Mountain Views News
Dec 21, 28, 2019 Jan. 4, 11, 2020

FICTITIOUS BUSINESS NAME STATEMENT File No. 2019321739 TRANSPORTES IMMESA, 13517 PINNEY ST, PACOIMA, CA 91331. Registrant: JUAN DAVID BARRIOS LOPEZ. The following person(s) is (are) doing business as the above named business. This business is conducted by: AN INDIVIDUAL. The registrant commenced to transact business under the fictitious business name or names listed above on N/A. I declare that all information in this statement is true and correct. NOTICE- This Fictitious Name Statement expires five years from the date it was filed in the office of the County Clerk. A new Fictitious Business Name Statement must be filed prior to that date. The filing of this statement does not of itself authorize the use in this state of a Fictitious Business Name in violation of the rights of another under Federal, State, or common law (See section 14411 et seq. Business and Professions Code).
Publish: ED Mountain Views News
Dec 21, 28, 2019 Jan. 4, 11, 2020

FICTITIOUS BUSINESS NAME STATEMENT File No. 2019317779 PACIFICSKY SOLAR, 1546 N HIGHLAND AVE, LOS ANGELES, CA 90028. Registrant: JUSTIN BROWN. The following person(s) is (are) doing business as the above named business. This business is conducted by: AN INDIVIDUAL. The registrant commenced to transact business under the fictitious business name or names listed above on N/A. I declare that all information in this statement is true and correct. NOTICE- This Fictitious Name Statement expires five years from the date it was filed in the office of the County Clerk. A new Fictitious Business Name Statement must be filed prior to that date. The filing of this statement does not of itself authorize the use in this state of a Fictitious Business Name in violation of the rights of another under Federal, State, or common law (See section 14411 et seq. Business and Professions Code).
Publish: ED Mountain Views News
Dec 21, 28, 2019 Jan. 4, 11, 2020

FICTITIOUS BUSINESS NAME STATEMENT File No. 2019321815 CALM ORGANIZATIONS, 1428 SAINTSAL AVE, NORTH HOLLYWOOD, CA 91601. Registrant: KURT HUMANIZATION. The following person(s) is (are) doing business as the above named business. This business is conducted by: AN INDIVIDUAL. The registrant commenced to transact business under the fictitious business name or names listed above on N/A. I declare that all information in this statement is true and correct. NOTICE- This Fictitious Name Statement expires five years from the date it was filed in the office of the County Clerk. A new Fictitious Business Name Statement must be filed prior to that date. The filing of this statement does not of itself authorize the use in this state of a Fictitious Business Name in violation of the rights of another under Federal, State, or common law (See section 14411 et seq. Business and Professions Code).
Publish: ED Mountain Views News
Dec 21, 28, 2019 Jan. 4, 11, 2020

FICTITIOUS BUSINESS NAME STATEMENT File No. 2019323611 HOST SERVICES, 200 W CRESTNUT ST APT 106, GLENDALE, CA 91204. Registrant: HOVSEP SEROGHANYAN. The following person(s) is (are) doing business as the above named business. This business is conducted by: AN INDIVIDUAL. The registrant commenced to transact business under the fictitious business name or names listed above on N/A. I declare that all information in this statement is true and correct. NOTICE- This Fictitious Name Statement expires five years from the date it was filed in the office of the County Clerk. A new Fictitious Business Name Statement must be filed prior to that date. The filing of this statement does not of itself authorize the use in this state of a Fictitious Business Name in violation of the rights of another under Federal, State, or common law (See section 14411 et seq. Business and Professions Code).
Publish: ED Mountain Views News
Dec 21, 28, 2019 Jan. 4, 11, 2020

FICTITIOUS BUSINESS NAME STATEMENT File No. 2019321000 SWEET TOOTH TOFFEE, 9515 WITAKER AVE, NORTH HILLS, CA 91343. Registrant: PETER ABRAMS. The following person(s) is (are) doing business as the above named business. This business is conducted by: AN INDIVIDUAL. The registrant commenced to transact business under the fictitious business name or names listed above on N/A. I declare that all information in this statement is true and correct. NOTICE- This Fictitious Name Statement expires five years from the date it was filed in the office of the County Clerk. A new Fictitious Business Name Statement must be filed prior to that date. The filing of this statement does not of itself authorize the use in this state of a Fictitious Business Name in violation of the rights of another under Federal, State, or common law (See section 14411 et seq. Business and Professions Code).
Publish: ED Mountain Views News
Dec 21, 28, 2019 Jan. 4, 11, 2020

FICTITIOUS BUSINESS NAME STATEMENT File No. 2019321609 RICH DESIGN, 200 W CHESTNUT ST APT 106, GLENDALE, CA 91204. Registrant: HAYKUHI GASPARYAN. The following person(s) is (are) doing business as the above named business. This business is conducted by: AN INDIVIDUAL. The registrant commenced to transact business under the fictitious business name or names listed above on N/A. I declare that all information in this statement is true and correct. NOTICE- This Fictitious Name Statement expires five years from the date it was filed in the office of the County Clerk. A new Fictitious Business Name Statement must be filed prior to that date. The filing of this statement does not of itself authorize the use in this state of a Fictitious Business Name in violation of the rights of another under Federal, State, or common law (See section 14411 et seq. Business and Professions Code).
Publish: ED Mountain Views News
Dec 21, 28, 2019 Jan. 4, 11, 2020

FICTITIOUS BUSINESS NAME STATEMENT File No. 2019322210 CHARLIE IVAC, 5340 COLFAX AVE APT 2, VALLEY VILLAGE, CA 91607. Registrant: CHARLES YENOKYAN. The following person(s) is (are) doing business as the above named business. This business is conducted by: AN INDIVIDUAL. The registrant commenced to transact business under the fictitious business name or names listed above on N/A. I declare that all information in this statement is true and correct. NOTICE- This Fictitious Name Statement expires five years from the date it was filed in the office of the County Clerk. A new Fictitious Business Name Statement must be filed prior to that date. The filing of this statement does not of itself authorize the use in this state of a Fictitious Business Name in violation of the rights of another under Federal, State, or common law (See section 14411 et seq. Business and Professions Code).
Publish: ED Mountain Views News
Dec 21, 28, 2019 Jan. 4, 11, 2020

FICTITIOUS BUSINESS NAME STATEMENT File No. 2019319358 ROYALTY INDUSTRIES, 226 E NUTT ST, LOS ANGELES, CA 90021. Registrant: JOSE ANTONIO ALVAREZ MARTINEZ. The following person(s) is (are) doing business as the above named business. This business is conducted by: AN INDIVIDUAL. The registrant commenced to transact business under the fictitious business name or names listed above on N/A. I declare that all information in this statement is true and correct. NOTICE- This Fictitious Name Statement expires five years from the date it was filed in the office of the County Clerk. A new Fictitious Business Name Statement must be filed prior to that date. The filing of this statement does not of itself authorize the use in this state of a Fictitious Business Name in violation of the rights of another under Federal, State, or common law (See section 14411 et seq. Business and Professions Code).
Publish: ED Mountain Views News
Dec 21, 28, 2019 Jan. 4, 11, 2020

FICTITIOUS BUSINESS NAME STATEMENT File No. 2019321290 BYRON WALLS, 8939 MANNIX DR, LOS ANGELES, CA 90046. Registrant: BYRON WALLS. The following person(s) is (are) doing business as the above named business. This business is conducted by: AN INDIVIDUAL. The registrant commenced to transact business under the fictitious business name or names listed above on N/A. I declare that all information in this statement is true and correct. NOTICE- This Fictitious Name Statement expires five years from the date it was filed in the office of the County Clerk. A new Fictitious Business Name Statement must be filed prior to that date. The filing of this statement does not of itself authorize the use in this state of a Fictitious Business Name in violation of the rights of another under Federal, State, or common law (See section 14411 et seq. Business and Professions Code).
Publish: ED Mountain Views News
Dec 21, 28, 2019 Jan. 4, 11, 2020

FICTITIOUS BUSINESS NAME STATEMENT File No. 2019322325 GG IRON WORKS, 6771 LANKERSHIM BLVD UNIT 609, NORTH HOLLYWOOD, CA 91605. Registrant: GARIK AVETISYAN. The following person(s) is (are) doing business as the above named business. This business is conducted by: AN INDIVIDUAL. The registrant commenced to transact business under the fictitious business name or names listed above on N/A. I declare that all information in this statement is true and correct. NOTICE- This Fictitious Name Statement expires five years from the date it was filed in the office of the County Clerk. A new Fictitious Business Name Statement must be filed prior to that date. The filing of this statement does not of itself authorize the use in this state of a Fictitious Business Name in violation of the rights of another under Federal, State, or common law (See section 14411 et seq. Business and Professions Code).
Publish: ED Mountain Views News
Dec 21, 28, 2019 Jan. 4, 11, 2020

Mountain Views News	80 W Sierra Madre Blvd. No. 327 Sierra Madre, Ca. 91024	Office: 626.355.2737 Fax: 626.609.3285 Email: editor@mtnviewsnews.com	Website: www.mtnviewsnews.com
